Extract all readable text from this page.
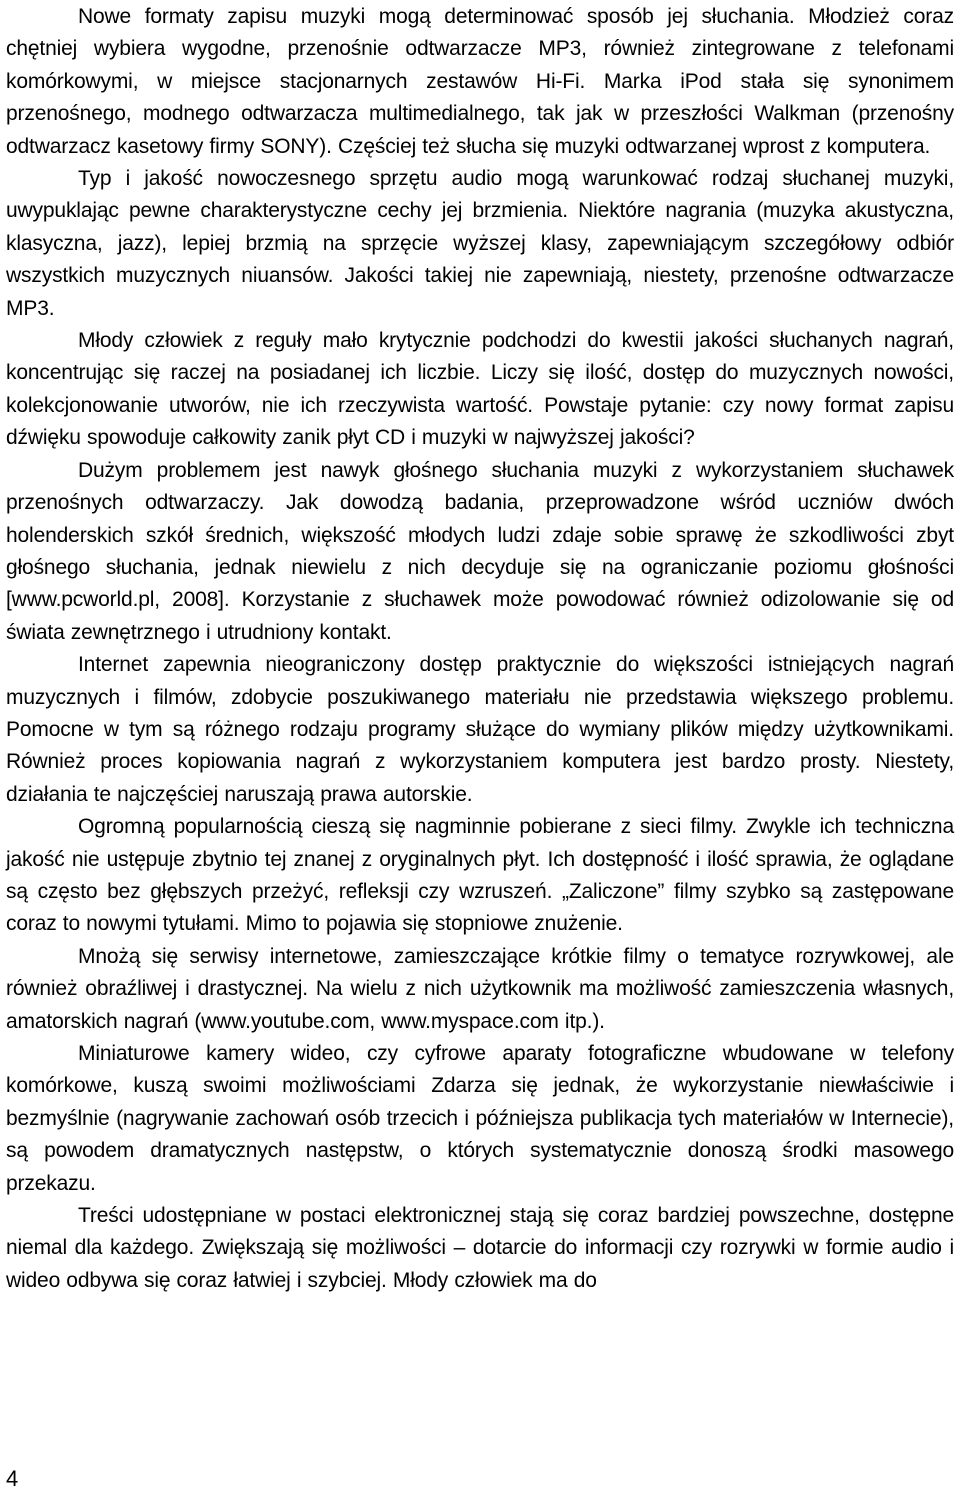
Nowe formaty zapisu muzyki mogą determinować sposób jej słuchania. Młodzież coraz chętniej wybiera wygodne, przenośnie odtwarzacze MP3, również zintegrowane z telefonami komórkowymi, w miejsce stacjonarnych zestawów Hi-Fi. Marka iPod stała się synonimem przenośnego, modnego odtwarzacza multimedialnego, tak jak w przeszłości Walkman (przenośny odtwarzacz kasetowy firmy SONY). Częściej też słucha się muzyki odtwarzanej wprost z komputera.

Typ i jakość nowoczesnego sprzętu audio mogą warunkować rodzaj słuchanej muzyki, uwypuklając pewne charakterystyczne cechy jej brzmienia. Niektóre nagrania (muzyka akustyczna, klasyczna, jazz), lepiej brzmią na sprzęcie wyższej klasy, zapewniającym szczegółowy odbiór wszystkich muzycznych niuansów. Jakości takiej nie zapewniają, niestety, przenośne odtwarzacze MP3.

Młody człowiek z reguły mało krytycznie podchodzi do kwestii jakości słuchanych nagrań, koncentrując się raczej na posiadanej ich liczbie. Liczy się ilość, dostęp do muzycznych nowości, kolekcjonowanie utworów, nie ich rzeczywista wartość. Powstaje pytanie: czy nowy format zapisu dźwięku spowoduje całkowity zanik płyt CD i muzyki w najwyższej jakości?

Dużym problemem jest nawyk głośnego słuchania muzyki z wykorzystaniem słuchawek przenośnych odtwarzaczy. Jak dowodzą badania, przeprowadzone wśród uczniów dwóch holenderskich szkół średnich, większość młodych ludzi zdaje sobie sprawę że szkodliwości zbyt głośnego słuchania, jednak niewielu z nich decyduje się na ograniczanie poziomu głośności [www.pcworld.pl, 2008]. Korzystanie z słuchawek może powodować również odizolowanie się od świata zewnętrznego i utrudniony kontakt.

Internet zapewnia nieograniczony dostęp praktycznie do większości istniejących nagrań muzycznych i filmów, zdobycie poszukiwanego materiału nie przedstawia większego problemu. Pomocne w tym są różnego rodzaju programy służące do wymiany plików między użytkownikami. Również proces kopiowania nagrań z wykorzystaniem komputera jest bardzo prosty. Niestety, działania te najczęściej naruszają prawa autorskie.

Ogromną popularnością cieszą się nagminnie pobierane z sieci filmy. Zwykle ich techniczna jakość nie ustępuje zbytnio tej znanej z oryginalnych płyt. Ich dostępność i ilość sprawia, że oglądane są często bez głębszych przeżyć, refleksji czy wzruszeń. „Zaliczone” filmy szybko są zastępowane coraz to nowymi tytułami. Mimo to pojawia się stopniowe znużenie.

Mnożą się serwisy internetowe, zamieszczające krótkie filmy o tematyce rozrywkowej, ale również obraźliwej i drastycznej. Na wielu z nich użytkownik ma możliwość zamieszczenia własnych, amatorskich nagrań (www.youtube.com, www.myspace.com itp.).

Miniaturowe kamery wideo, czy cyfrowe aparaty fotograficzne wbudowane w telefony komórkowe, kuszą swoimi możliwościami Zdarza się jednak, że wykorzystanie niewłaściwie i bezmyślnie (nagrywanie zachowań osób trzecich i późniejsza publikacja tych materiałów w Internecie), są powodem dramatycznych następstw, o których systematycznie donoszą środki masowego przekazu.

Treści udostępniane w postaci elektronicznej stają się coraz bardziej powszechne, dostępne niemal dla każdego. Zwiększają się możliwości – dotarcie do informacji czy rozrywki w formie audio i wideo odbywa się coraz łatwiej i szybciej. Młody człowiek ma do

4
